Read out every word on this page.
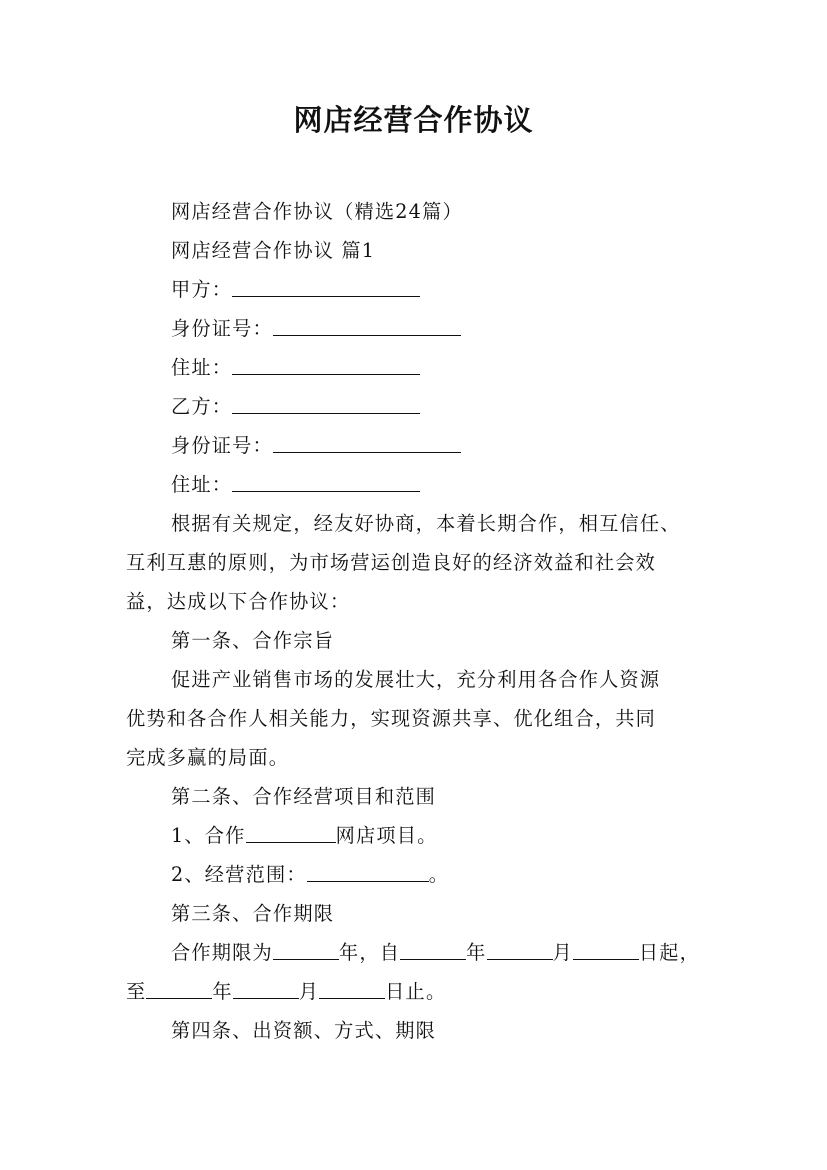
网店经营合作协议
网店经营合作协议（精选24篇）
网店经营合作协议 篇1
甲方：
身份证号：
住址：
乙方：
身份证号：
住址：
根据有关规定，经友好协商，本着长期合作，相互信任、
互利互惠的原则，为市场营运创造良好的经济效益和社会效
益，达成以下合作协议：
第一条、合作宗旨
促进产业销售市场的发展壮大，充分利用各合作人资源
优势和各合作人相关能力，实现资源共享、优化组合，共同
完成多赢的局面。
第二条、合作经营项目和范围
1、合作	网店项目。
2、经营范围：	。
第三条、合作期限
合作期限为	年，自	年	月	日起，
至	年	月	日止。
第四条、出资额、方式、期限
